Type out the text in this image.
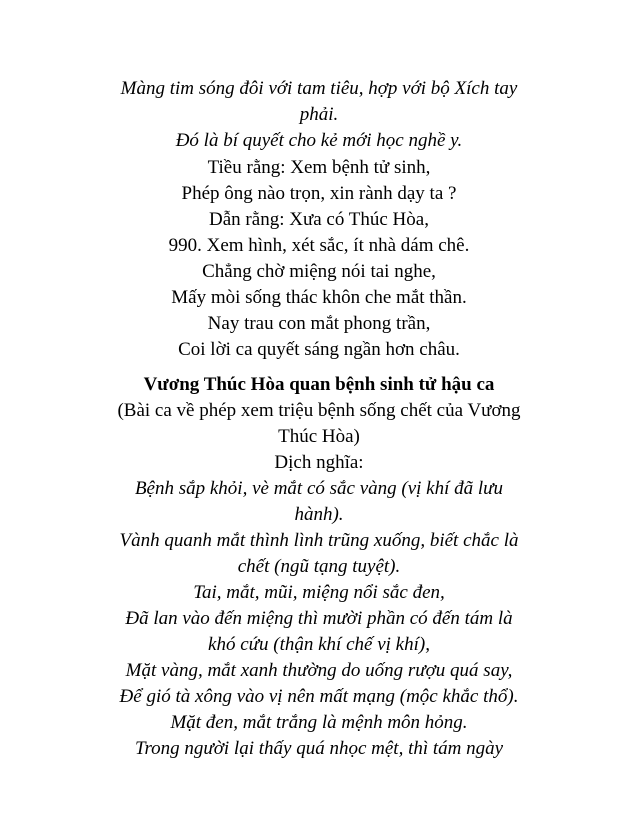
Màng tim sóng đôi với tam tiêu, hợp với bộ Xích tay

phải.

Đó là bí quyết cho kẻ mới học nghề y.

Tiều rằng: Xem bệnh tử sinh,

Phép ông nào trọn, xin rành dạy ta ?

Dẫn rằng: Xưa có Thúc Hòa,

990. Xem hình, xét sắc, ít nhà dám chê.

Chẳng chờ miệng nói tai nghe,

Mấy mòi sống thác khôn che mắt thần.

Nay trau con mắt phong trần,

Coi lời ca quyết sáng ngần hơn châu.

Vương Thúc Hòa quan bệnh sinh tử hậu ca

(Bài ca về phép xem triệu bệnh sống chết của Vương

Thúc Hòa)

Dịch nghĩa:

Bệnh sắp khỏi, vè mắt có sắc vàng (vị khí đã lưu

hành).

Vành quanh mắt thình lình trũng xuống, biết chắc là

chết (ngũ tạng tuyệt).

Tai, mắt, mũi, miệng nổi sắc đen,

Đã lan vào đến miệng thì mười phần có đến tám là

khó cứu (thận khí chế vị khí),

Mặt vàng, mắt xanh thường do uống rượu quá say,

Để gió tà xông vào vị nên mất mạng (mộc khắc thổ).

Mặt đen, mắt trắng là mệnh môn hỏng.

Trong người lại thấy quá nhọc mệt, thì tám ngày
